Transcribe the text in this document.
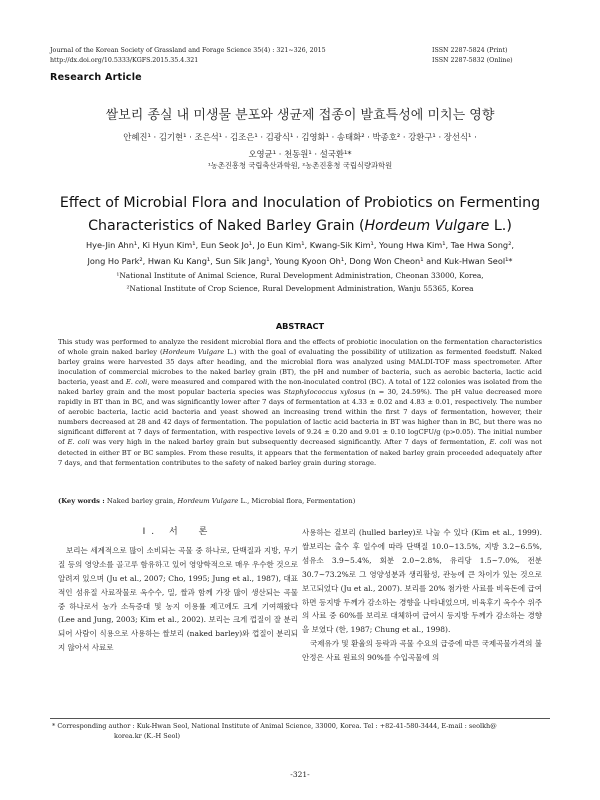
Journal of the Korean Society of Grassland and Forage Science 35(4) : 321~326, 2015
http://dx.doi.org/10.5333/KGFS.2015.35.4.321
ISSN 2287-5824 (Print)
ISSN 2287-5832 (Online)
Research Article
쌀보리 종실 내 미생물 분포와 생균제 접종이 발효특성에 미치는 영향
안혜진¹ · 김기현¹ · 조은석¹ · 김조은¹ · 김광식¹ · 김영화¹ · 송태화² · 박종호² · 강환구¹ · 장선식¹ ·
오영균¹ · 천동원¹ · 설국환¹*
¹농촌진흥청 국립축산과학원, ²농촌진흥청 국립식량과학원
Effect of Microbial Flora and Inoculation of Probiotics on Fermenting
Characteristics of Naked Barley Grain (Hordeum Vulgare L.)
Hye-Jin Ahn¹, Ki Hyun Kim¹, Eun Seok Jo¹, Jo Eun Kim¹, Kwang-Sik Kim¹, Young Hwa Kim¹, Tae Hwa Song²,
Jong Ho Park², Hwan Ku Kang¹, Sun Sik Jang¹, Young Kyoon Oh¹, Dong Won Cheon¹ and Kuk-Hwan Seol¹*
¹National Institute of Animal Science, Rural Development Administration, Cheonan 33000, Korea,
²National Institute of Crop Science, Rural Development Administration, Wanju 55365, Korea
ABSTRACT
This study was performed to analyze the resident microbial flora and the effects of probiotic inoculation on the fermentation characteristics of whole grain naked barley (Hordeum Vulgare L.) with the goal of evaluating the possibility of utilization as fermented feedstuff. Naked barley grains were harvested 35 days after heading, and the microbial flora was analyzed using MALDI-TOF mass spectrometer. After inoculation of commercial microbes to the naked barley grain (BT), the pH and number of bacteria, such as aerobic bacteria, lactic acid bacteria, yeast and E. coli, were measured and compared with the non-inoculated control (BC). A total of 122 colonies was isolated from the naked barley grain and the most popular bacteria species was Staphylococcus xylosus (n = 30, 24.59%). The pH value decreased more rapidly in BT than in BC, and was significantly lower after 7 days of fermentation at 4.33 ± 0.02 and 4.83 ± 0.01, respectively. The number of aerobic bacteria, lactic acid bacteria and yeast showed an increasing trend within the first 7 days of fermentation, however, their numbers decreased at 28 and 42 days of fermentation. The population of lactic acid bacteria in BT was higher than in BC, but there was no significant different at 7 days of fermentation, with respective levels of 9.24 ± 0.20 and 9.01 ± 0.10 logCFU/g (p>0.05). The initial number of E. coli was very high in the naked barley grain but subsequently decreased significantly. After 7 days of fermentation, E. coli was not detected in either BT or BC samples. From these results, it appears that the fermentation of naked barley grain proceeded adequately after 7 days, and that fermentation contributes to the safety of naked barley grain during storage.
(Key words : Naked barley grain, Hordeum Vulgare L., Microbial flora, Fermentation)
Ⅰ. 서　론

보리는 세계적으로 많이 소비되는 곡물 중 하나로, 단백질과 지방, 무기질 등의 영양소를 골고루 함유하고 있어 영양학적으로 매우 우수한 것으로 알려져 있으며 (Ju et al., 2007; Cho, 1995; Jung et al., 1987), 대표적인 섬유질 사료작물로 옥수수, 밀, 쌀과 함께 가장 많이 생산되는 곡물 중 하나로서 농가 소득증대 및 농지 이용률 제고에도 크게 기여해왔다 (Lee and Jung, 2003; Kim et al., 2002). 보리는 크게 껍질이 잘 분리되어 사람이 식용으로 사용하는 쌀보리 (naked barley)와 껍질이 분리되지 않아서 사료로

사용하는 겉보리 (hulled barley)로 나눌 수 있다 (Kim et al., 1999). 쌀보리는 출수 후 일수에 따라 단백질 10.0~13.5%, 지방 3.2~6.5%, 섬유소 3.9~5.4%, 회분 2.0~2.8%, 유리당 1.5~7.0%, 전분 30.7~73.2%로 그 영양성분과 생리활성, 관능에 큰 차이가 있는 것으로 보고되었다 (Ju et al., 2007). 보리를 20% 첨가한 사료를 비육돈에 급여하면 등지방 두께가 감소하는 경향을 나타내었으며, 비육후기 옥수수 위주의 사료 중 60%를 보리로 대체하여 급여시 등지방 두께가 감소하는 경향을 보였다 (한, 1987; Chung et al., 1998).

국제유가 및 환율의 등락과 곡물 수요의 급증에 따른 국제곡물가격의 불안정은 사료 원료의 90%를 수입곡물에 의

* Corresponding author : Kuk-Hwan Seol, National Institute of Animal Science, 33000, Korea. Tel : +82-41-580-3444, E-mail : seolkh@
korea.kr (K.-H Seol)
-321-
